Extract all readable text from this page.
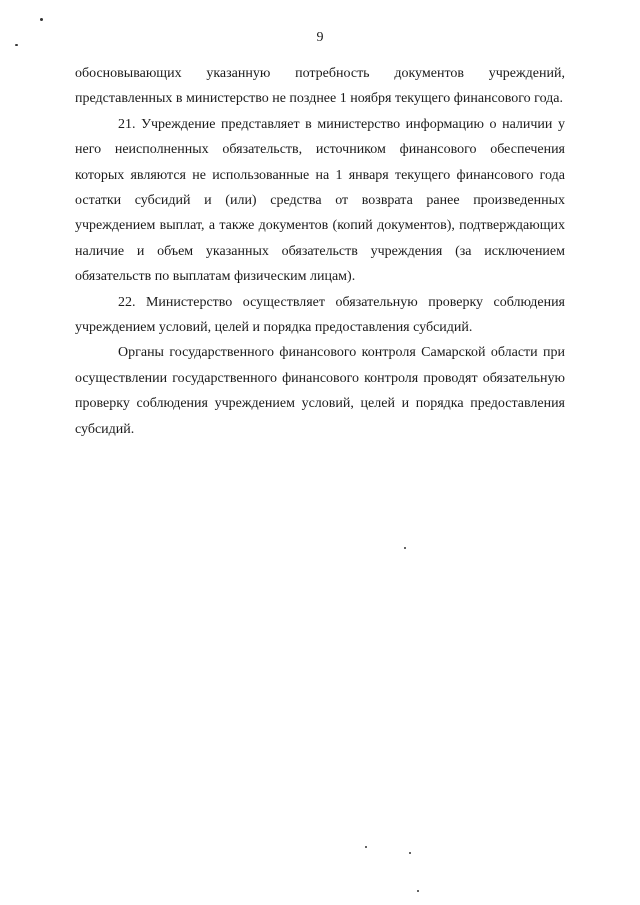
9

обосновывающих указанную потребность документов учреждений, представленных в министерство не позднее 1 ноября текущего финансового года.

21. Учреждение представляет в министерство информацию о наличии у него неисполненных обязательств, источником финансового обеспечения которых являются не использованные на 1 января текущего финансового года остатки субсидий и (или) средства от возврата ранее произведенных учреждением выплат, а также документов (копий документов), подтверждающих наличие и объем указанных обязательств учреждения (за исключением обязательств по выплатам физическим лицам).

22. Министерство осуществляет обязательную проверку соблюдения учреждением условий, целей и порядка предоставления субсидий.

Органы государственного финансового контроля Самарской области при осуществлении государственного финансового контроля проводят обязательную проверку соблюдения учреждением условий, целей и порядка предоставления субсидий.
